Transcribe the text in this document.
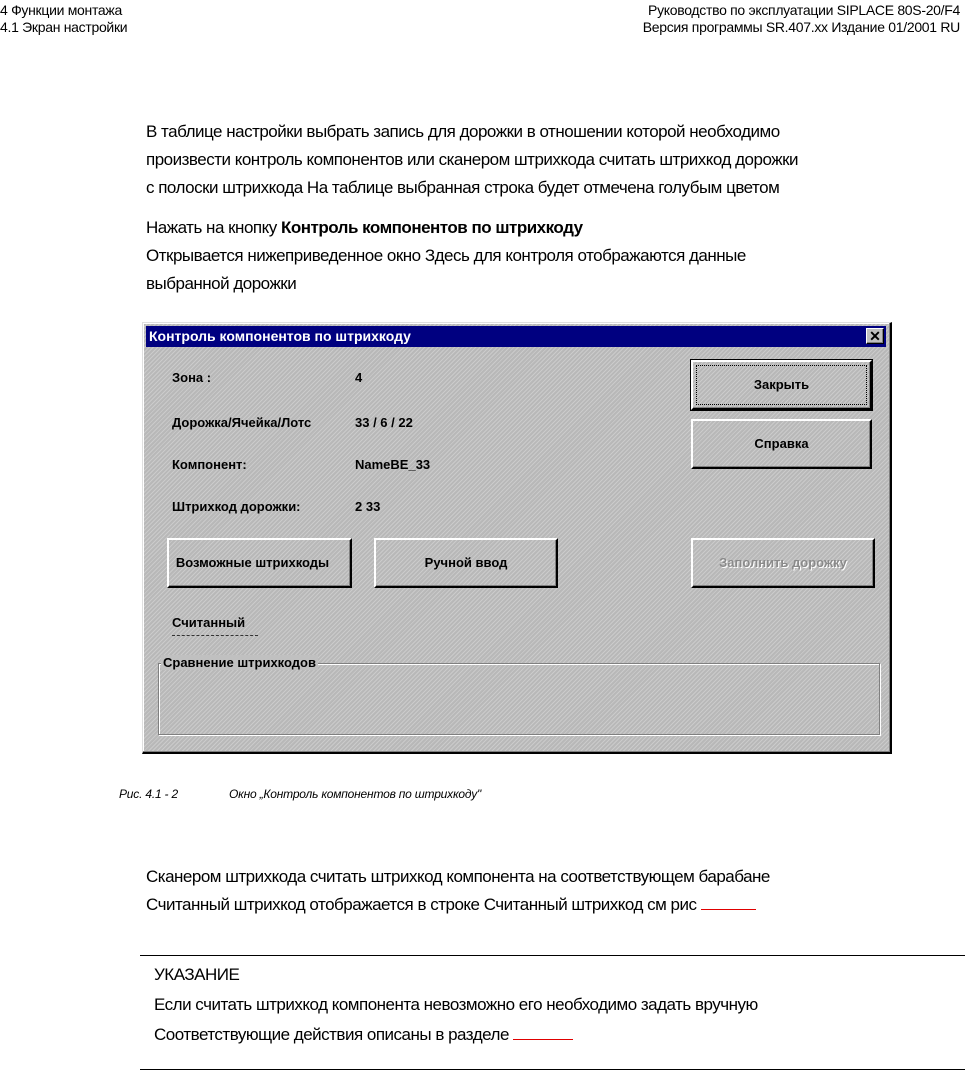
4 Функции монтажа
4.1 Экран настройки
Руководство по эксплуатации SIPLACE 80S-20/F4
Версия программы SR.407.xx Издание 01/2001 RU
В таблице настройки выбрать запись для дорожки в отношении которой необходимо
произвести контроль компонентов или сканером штрихкода считать штрихкод дорожки
с полоски штрихкода На таблице выбранная строка будет отмечена голубым цветом
Нажать на кнопку Контроль компонентов по штрихкоду
Открывается нижеприведенное окно Здесь для контроля отображаются данные
выбранной дорожки
Контроль компонентов по штрихкоду	✕
Зона :	4
Дорожка/Ячейка/Лотс	33 / 6 / 22
Компонент:	NameBE_33
Штрихкод дорожки:	2 33
Закрыть
Справка
Возможные штрихкоды	Ручной ввод	Заполнить дорожку
Считанный
Сравнение штрихкодов
Рис. 4.1 - 2	Окно „Контроль компонентов по штрихкоду"
Сканером штрихкода считать штрихкод компонента на соответствующем барабане
Считанный штрихкод отображается в строке Считанный штрихкод см рис
УКАЗАНИЕ
Если считать штрихкод компонента невозможно его необходимо задать вручную
Соответствующие действия описаны в разделе
